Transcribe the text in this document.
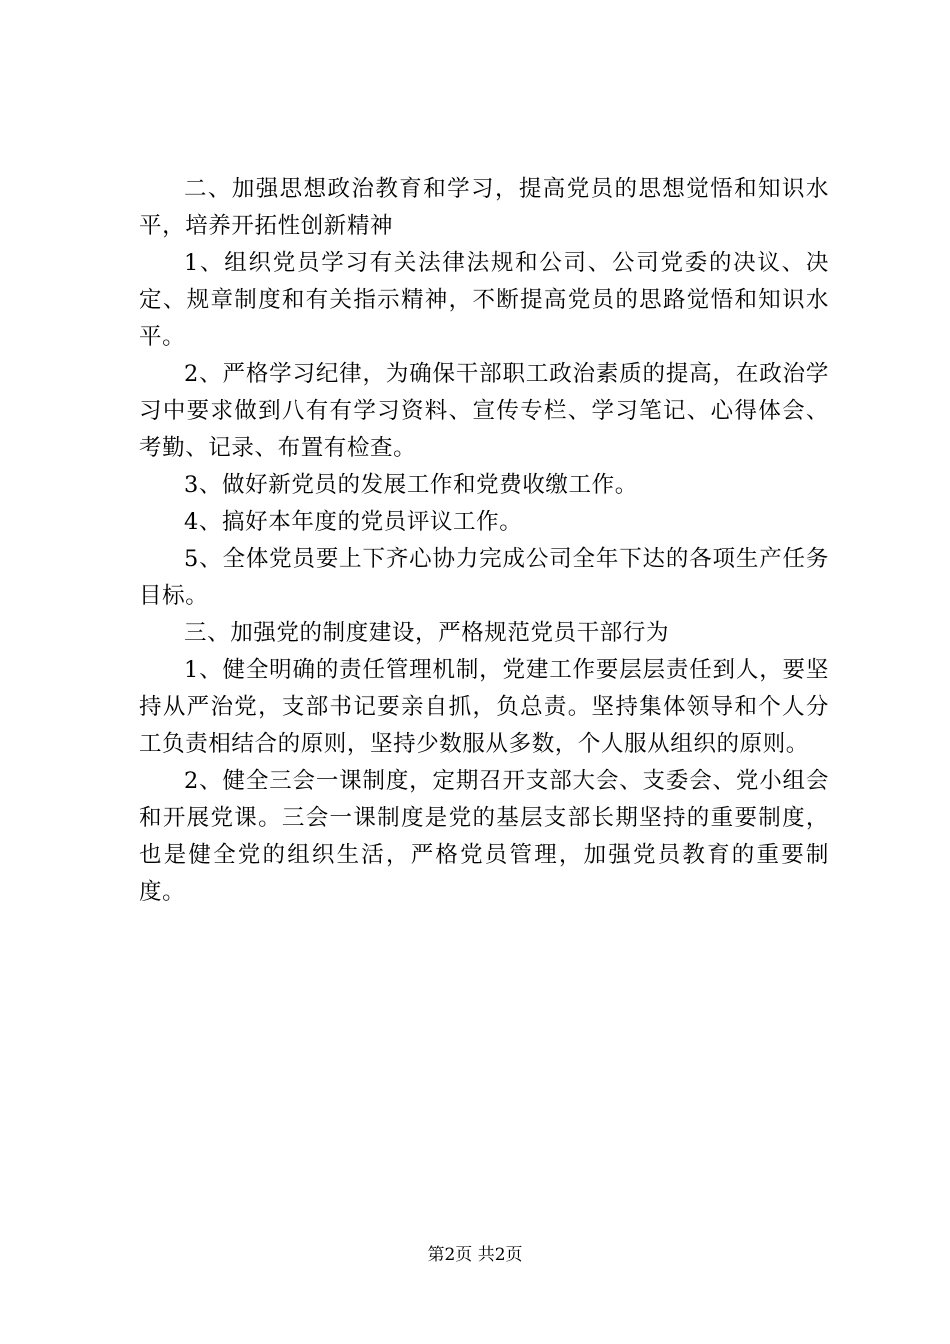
二、加强思想政治教育和学习，提高党员的思想觉悟和知识水平，培养开拓性创新精神

1、组织党员学习有关法律法规和公司、公司党委的决议、决定、规章制度和有关指示精神，不断提高党员的思路觉悟和知识水平。

2、严格学习纪律，为确保干部职工政治素质的提高，在政治学习中要求做到八有有学习资料、宣传专栏、学习笔记、心得体会、考勤、记录、布置有检查。

3、做好新党员的发展工作和党费收缴工作。

4、搞好本年度的党员评议工作。

5、全体党员要上下齐心协力完成公司全年下达的各项生产任务目标。

三、加强党的制度建设，严格规范党员干部行为

1、健全明确的责任管理机制，党建工作要层层责任到人，要坚持从严治党，支部书记要亲自抓，负总责。坚持集体领导和个人分工负责相结合的原则，坚持少数服从多数，个人服从组织的原则。

2、健全三会一课制度，定期召开支部大会、支委会、党小组会和开展党课。三会一课制度是党的基层支部长期坚持的重要制度，也是健全党的组织生活，严格党员管理，加强党员教育的重要制度。

第2页 共2页
